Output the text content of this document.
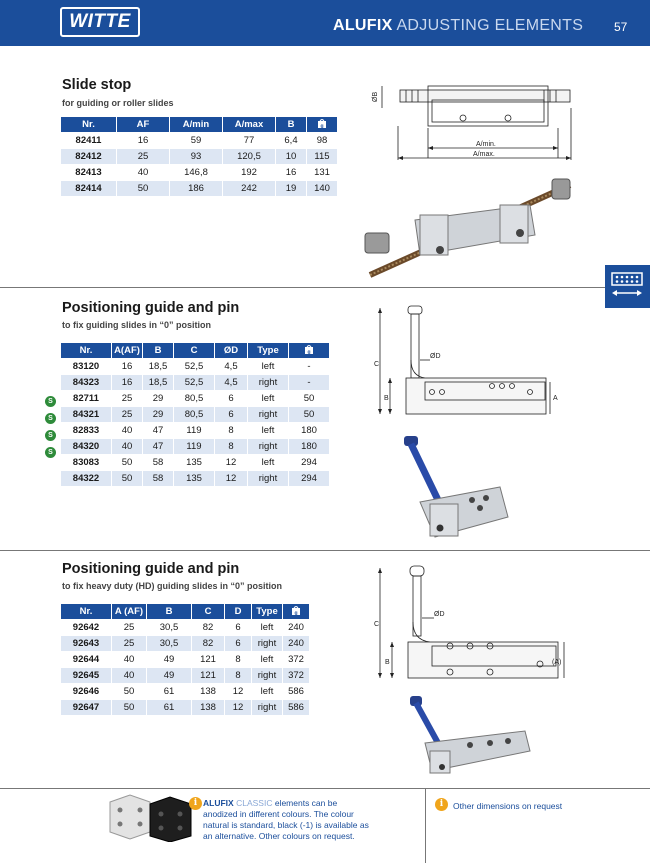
WITTE	ALUFIX ADJUSTING ELEMENTS	57
Slide stop
for guiding or roller slides
Nr.	AF	A/min	A/max	B	g

82411	16	59	77	6,4	98
82412	25	93	120,5	10	115
82413	40	146,8	192	16	131
82414	50	186	242	19	140
ØB
A/min.
A/max.
Positioning guide and pin
to fix guiding slides in “0” position
Nr.	A(AF)	B	C	ØD	Type	g

83120	16	18,5	52,5	4,5	left	-
84323	16	18,5	52,5	4,5	right	-
82711	25	29	80,5	6	left	50
84321	25	29	80,5	6	right	50
82833	40	47	119	8	left	180
84320	40	47	119	8	right	180
83083	50	58	135	12	left	294
84322	50	58	135	12	right	294
S
S
S
S
C
ØD
B	A
Positioning guide and pin
to fix heavy duty (HD) guiding slides in “0” position
Nr.	A (AF)	B	C	D	Type	g

92642	25	30,5	82	6	left	240
92643	25	30,5	82	6	right	240
92644	40	49	121	8	left	372
92645	40	49	121	8	right	372
92646	50	61	138	12	left	586
92647	50	61	138	12	right	586
C
ØD
B	(A)
i ALUFIX CLASSIC elements can be anodized in different colours. The colour natural is standard, black (-1) is available as an alternative. Other colours on request.
i	Other dimensions on request
